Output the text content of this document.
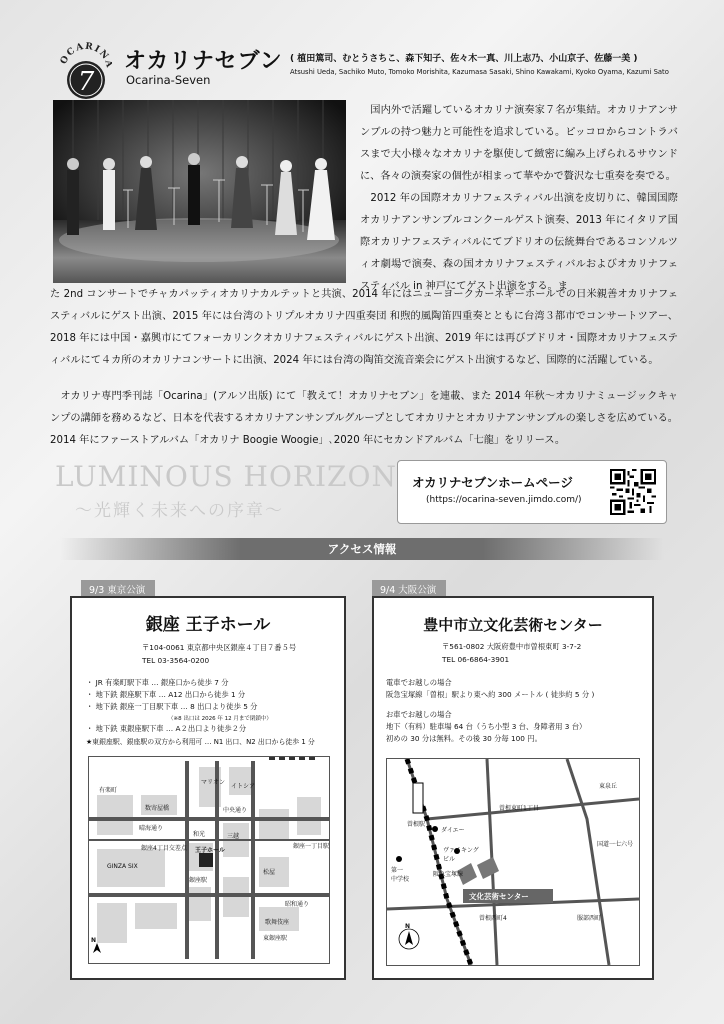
OCARIN
7
オカリナセブン
Ocarina-Seven
( 植田篤司、むとうさちこ、森下知子、佐々木一真、川上志乃、小山京子、佐藤一美 )
Atsushi Ueda, Sachiko Muto, Tomoko Morishita, Kazumasa Sasaki, Shino Kawakami, Kyoko Oyama, Kazumi Sato
　国内外で活躍しているオカリナ演奏家７名が集結。オカリナアンサンブルの持つ魅力と可能性を追求している。ピッコロからコントラバスまで大小様々なオカリナを駆使して緻密に編み上げられるサウンドに、各々の演奏家の個性が相まって華やかで贅沢な七重奏を奏でる。
　2012 年の国際オカリナフェスティバル出演を皮切りに、韓国国際オカリナアンサンブルコンクールゲスト演奏、2013 年にイタリア国際オカリナフェスティバルにてブドリオの伝統舞台であるコンソルツィオ劇場で演奏、森の国オカリナフェスティバルおよびオカリナフェスティバル in 神戸にてゲスト出演をする。ま
た 2nd コンサートでチャカパッティオカリナカルテットと共演、2014 年にはニューヨークカーネギーホールでの日米親善オカリナフェスティバルにゲスト出演、2015 年には台湾のトリプルオカリナ四重奏団 和煦的風陶笛四重奏とともに台湾３都市でコンサートツアー、2018 年には中国・嘉興市にてフォーカリンクオカリナフェスティバルにゲスト出演、2019 年には再びブドリオ・国際オカリナフェスティバルにて４カ所のオカリナコンサートに出演、2024 年には台湾の陶笛交流音楽会にゲスト出演するなど、国際的に活躍している。
　オカリナ専門季刊誌「Ocarina」(アルソ出版) にて「教えて！オカリナセブン」を連載、また 2014 年秋〜オカリナミュージックキャンプの講師を務めるなど、日本を代表するオカリナアンサンブルグループとしてオカリナとオカリナアンサンブルの楽しさを広めている。2014 年にファーストアルバム「オカリナ Boogie Woogie」､2020 年にセカンドアルバム「七龍」をリリース。
LUMINOUS HORIZON
〜光輝く未来への序章〜
オカリナセブンホームページ
(https://ocarina-seven.jimdo.com/)
アクセス情報
9/3 東京公演
銀座 王子ホール
〒104-0061 東京都中央区銀座４丁目７番５号
TEL 03-3564-0200
・ JR 有楽町駅下車 … 銀座口から徒歩 7 分
・ 地下鉄 銀座駅下車 … A12 出口から徒歩 1 分
・ 地下鉄 銀座一丁目駅下車 … 8 出口より徒歩 5 分
（※8 出口は 2026 年 12 月まで閉鎖中）
・ 地下鉄 東銀座駅下車 … A２出口より徒歩２分
★東銀座駅、銀座駅の双方から利用可 … N1 出口、N2 出口から徒歩 1 分
N
GINZA SIX
JR 有楽町駅
銀座駅
東銀座駅
銀座一丁目駅
王子ホール
三越
松屋
和光
中央通り
晴海通り
昭和通り
銀座4丁目交差点
有楽町
マリオン
数寄屋橋
歌舞伎座
イトシア
9/4 大阪公演
豊中市立文化芸術センター
〒561-0802 大阪府豊中市曽根東町 3-7-2
TEL 06-6864-3901
電車でお越しの場合
阪急宝塚線「曽根」駅より東へ約 300 メートル ( 徒歩約 5 分 )
お車でお越しの場合
地下（有料）駐車場 64 台（うち小型 3 台、身障者用 3 台）
初めの 30 分は無料。その後 30 分毎 100 円。
曽根駅
阪急宝塚線
ダイエー
ヴァイキング
ビル
第一
中学校
文化芸術センター
国道一七六号
曽根東町1丁目
東泉丘
服部西町
曽根西町4
N
